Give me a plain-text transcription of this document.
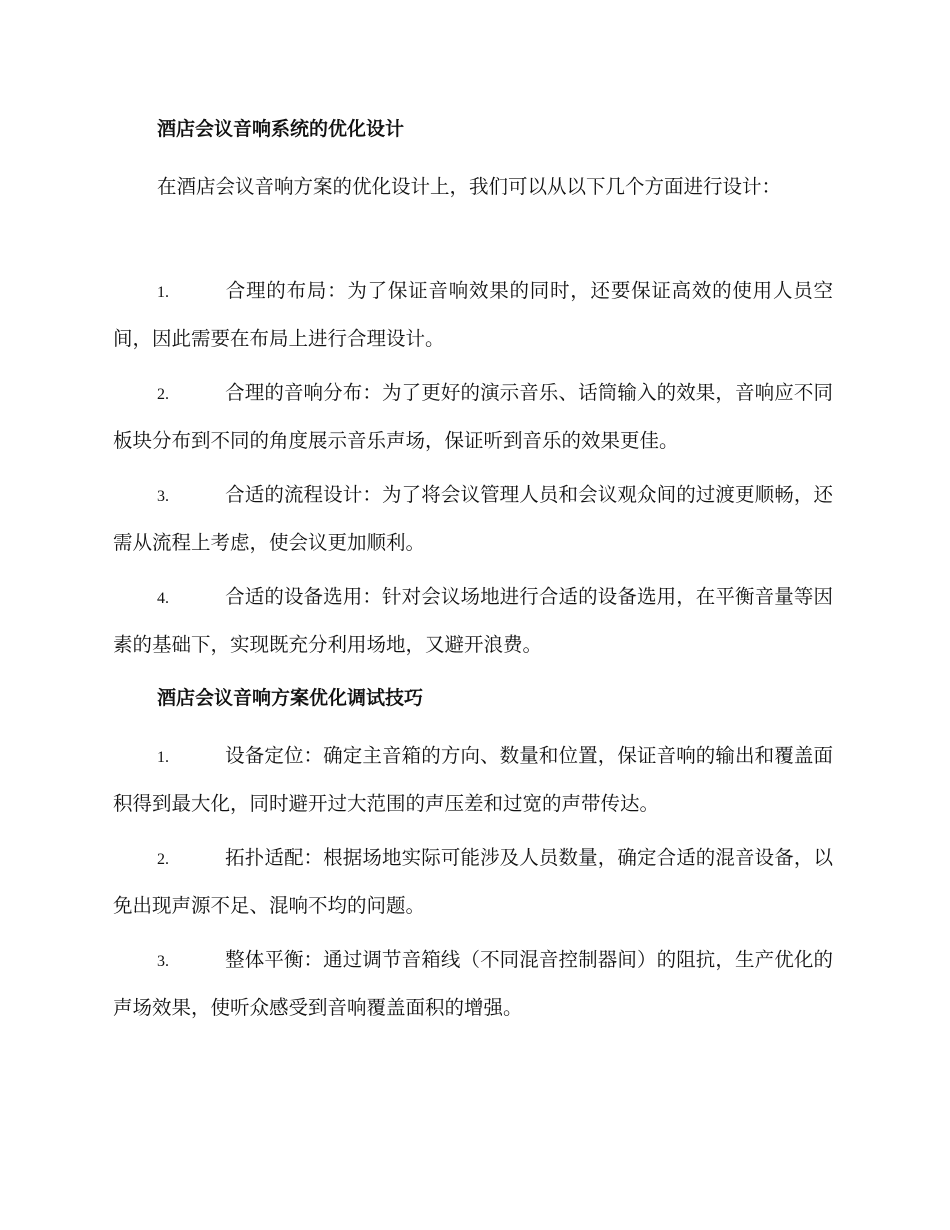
酒店会议音响系统的优化设计

在酒店会议音响方案的优化设计上，我们可以从以下几个方面进行设计：

1.	合理的布局：为了保证音响效果的同时，还要保证高效的使用人员空间，因此需要在布局上进行合理设计。

2.	合理的音响分布：为了更好的演示音乐、话筒输入的效果，音响应不同板块分布到不同的角度展示音乐声场，保证听到音乐的效果更佳。

3.	合适的流程设计：为了将会议管理人员和会议观众间的过渡更顺畅，还需从流程上考虑，使会议更加顺利。

4.	合适的设备选用：针对会议场地进行合适的设备选用，在平衡音量等因素的基础下，实现既充分利用场地，又避开浪费。

酒店会议音响方案优化调试技巧

1.	设备定位：确定主音箱的方向、数量和位置，保证音响的输出和覆盖面积得到最大化，同时避开过大范围的声压差和过宽的声带传达。

2.	拓扑适配：根据场地实际可能涉及人员数量，确定合适的混音设备，以免出现声源不足、混响不均的问题。

3.	整体平衡：通过调节音箱线（不同混音控制器间）的阻抗，生产优化的声场效果，使听众感受到音响覆盖面积的增强。
